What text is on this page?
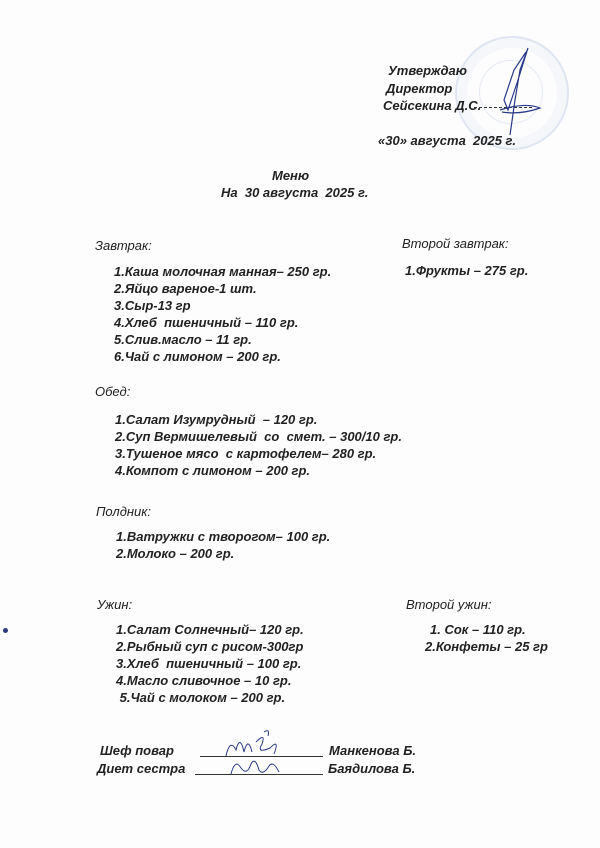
Утверждаю
Директор
Сейсекина Д.С.
«30» августа  2025 г.
Меню
На  30 августа  2025 г.
Завтрак:
1.Каша молочная манная– 250 гр.
2.Яйцо вареное-1 шт.
3.Сыр-13 гр
4.Хлеб  пшеничный – 110 гр.
5.Слив.масло – 11 гр.
6.Чай с лимоном – 200 гр.
Второй завтрак:
1.Фрукты – 275 гр.
Обед:
1.Салат Изумрудный  – 120 гр.
2.Суп Вермишелевый  со  смет. – 300/10 гр.
3.Тушеное мясо  с картофелем– 280 гр.
4.Компот с лимоном – 200 гр.
Полдник:
1.Ватружки с творогом– 100 гр.
2.Молоко – 200 гр.
Ужин:
1.Салат Солнечный– 120 гр.
2.Рыбный суп с рисом-300гр
3.Хлеб  пшеничный – 100 гр.
4.Масло сливочное – 10 гр.
5.Чай с молоком – 200 гр.
Второй ужин:
1. Сок – 110 гр.
2.Конфеты – 25 гр
Шеф повар	Манкенова Б.
Диет сестра	Баядилова Б.
